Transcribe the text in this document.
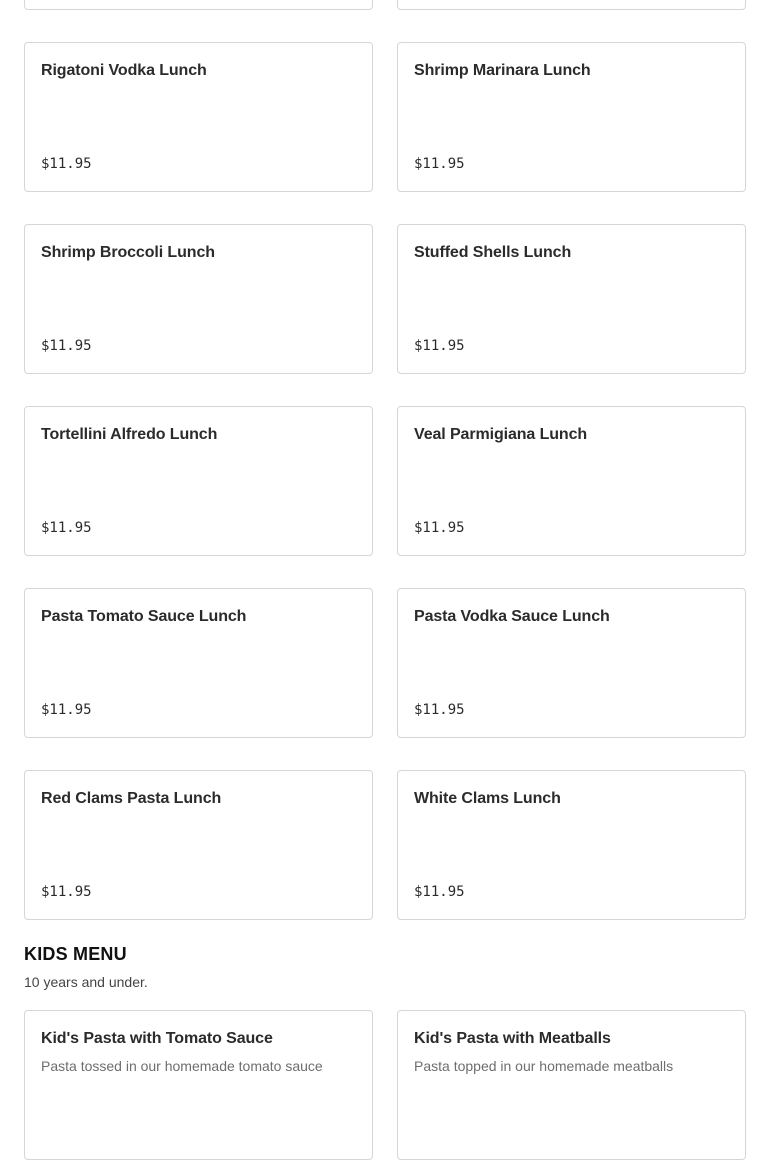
Rigatoni Vodka Lunch
$11.95
Shrimp Marinara Lunch
$11.95
Shrimp Broccoli Lunch
$11.95
Stuffed Shells Lunch
$11.95
Tortellini Alfredo Lunch
$11.95
Veal Parmigiana Lunch
$11.95
Pasta Tomato Sauce Lunch
$11.95
Pasta Vodka Sauce Lunch
$11.95
Red Clams Pasta Lunch
$11.95
White Clams Lunch
$11.95
KIDS MENU
10 years and under.
Kid's Pasta with Tomato Sauce
Pasta tossed in our homemade tomato sauce
Kid's Pasta with Meatballs
Pasta topped in our homemade meatballs
